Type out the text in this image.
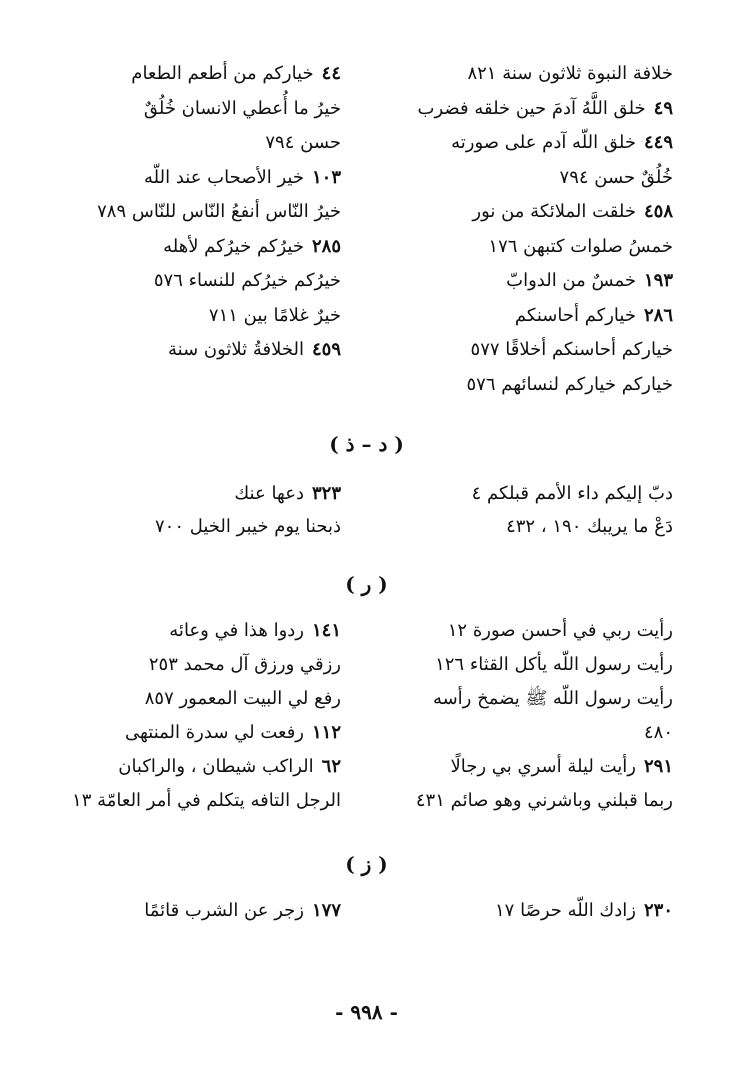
خلافة النبوة ثلاثون سنة ٨٢١
٤٩خلق اللَّهُ آدمَ حين خلقه فضرب
٤٤٩خلق اللّه آدم على صورته
خُلُقٌ حسن ٧٩٤
٤٥٨خلقت الملائكة من نور
خمسُ صلوات كتبهن ١٧٦
١٩٣خمسٌ من الدوابّ
٢٨٦خياركم أحاسنكم
خياركم أحاسنكم أخلاقًا ٥٧٧
خياركم خياركم لنسائهم ٥٧٦
دبّ إليكم داء الأمم قبلكم ٤
دَعْ ما يريبك ١٩٠ ، ٤٣٢
رأيت ربي في أحسن صورة ١٢
رأيت رسول اللّه يأكل القثاء ١٢٦
رأيت رسول اللّه ﷺ يضمخ رأسه
٤٨٠
٢٩١رأيت ليلة أسري بي رجالًا
ربما قبلني وباشرني وهو صائم ٤٣١
٢٣٠زادك اللّه حرصًا ١٧
٤٤خياركم من أطعم الطعام
خيرُ ما أُعطي الانسان خُلُقٌ
حسن ٧٩٤
١٠٣خير الأصحاب عند اللّه
خيرُ النّاس أنفعُ النّاس للنّاس ٧٨٩
٢٨٥خيرُكم خيرُكم لأهله
خيرُكم خيرُكم للنساء ٥٧٦
خيرٌ غلامًا بين ٧١١
٤٥٩الخلافةُ ثلاثون سنة
٣٢٣دعها عنك
ذبحنا يوم خيبر الخيل ٧٠٠
١٤١ردوا هذا في وعائه
رزقي ورزق آل محمد ٢٥٣
رفع لي البيت المعمور ٨٥٧
١١٢رفعت لي سدرة المنتهى
٦٢الراكب شيطان ، والراكبان
الرجل التافه يتكلم في أمر العامّة ١٣
١٧٧زجر عن الشرب قائمًا
( د – ذ )
( ر )
( ز )
- ٩٩٨ -
